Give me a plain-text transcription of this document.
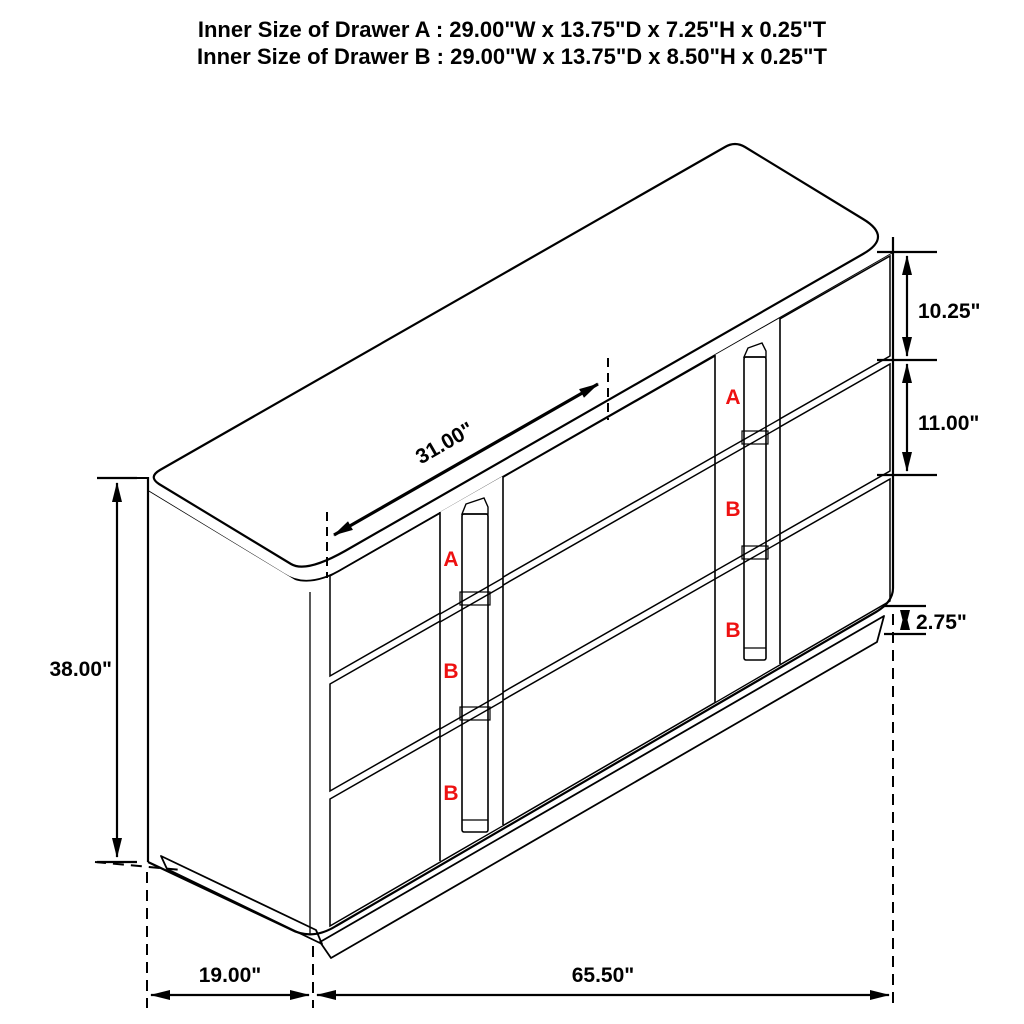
Inner Size of Drawer A : 29.00"W x 13.75"D x 7.25"H x 0.25"T
Inner Size of Drawer B : 29.00"W x 13.75"D x 8.50"H x 0.25"T
A
B
B
A
B
B
10.25"
11.00"
2.75"
38.00"
19.00"	65.50"
31.00"
